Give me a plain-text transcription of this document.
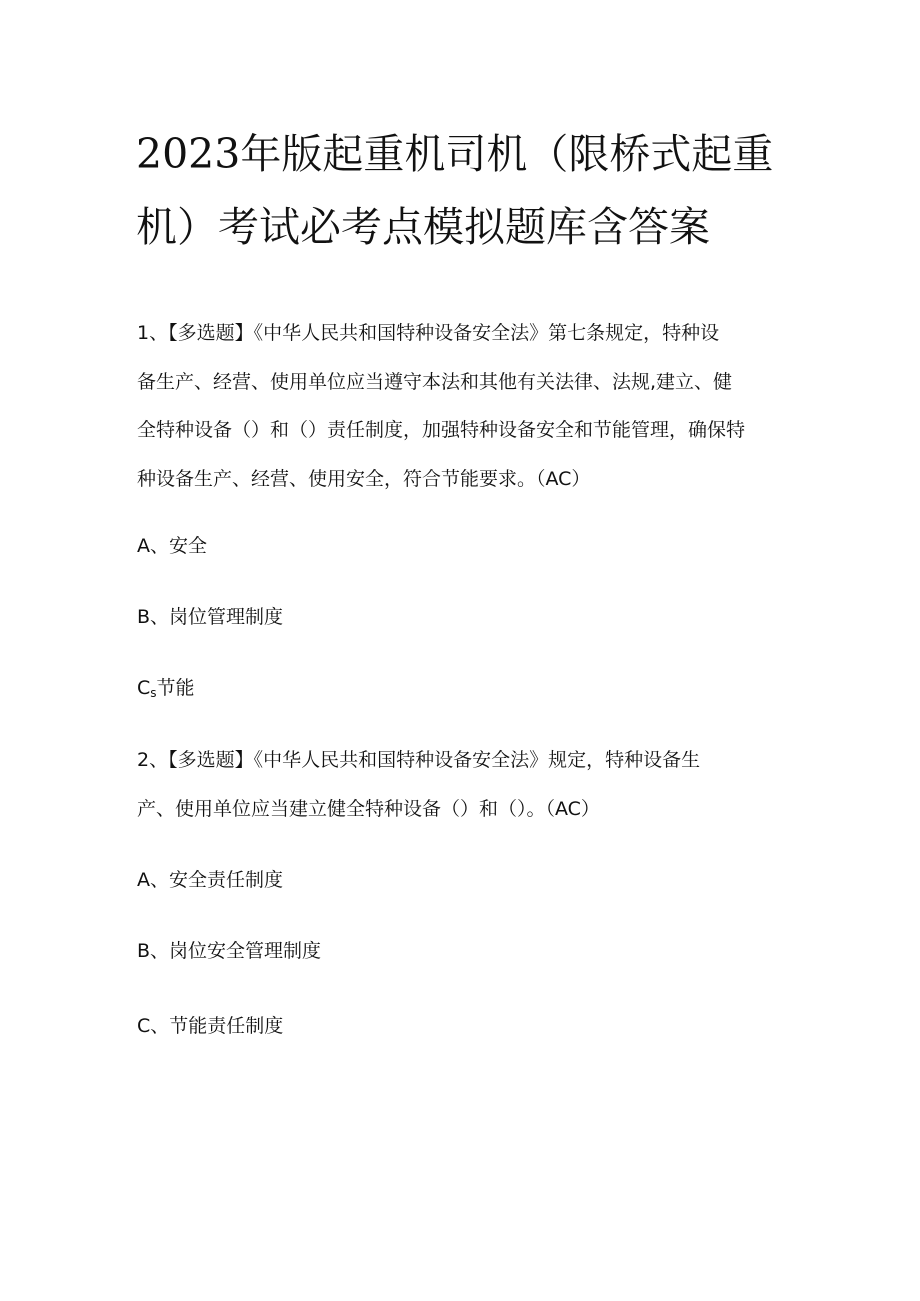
2023年版起重机司机（限桥式起重
机）考试必考点模拟题库含答案
1、【多选题】《中华人民共和国特种设备安全法》第七条规定，特种设
备生产、经营、使用单位应当遵守本法和其他有关法律、法规,建立、健
全特种设备（）和（）责任制度，加强特种设备安全和节能管理，确保特
种设备生产、经营、使用安全，符合节能要求。（AC）
A、安全
B、岗位管理制度
$C_s$节能
2、【多选题】《中华人民共和国特种设备安全法》规定，特种设备生
产、使用单位应当建立健全特种设备（）和（）。（AC）
A、安全责任制度
B、岗位安全管理制度
C、节能责任制度
